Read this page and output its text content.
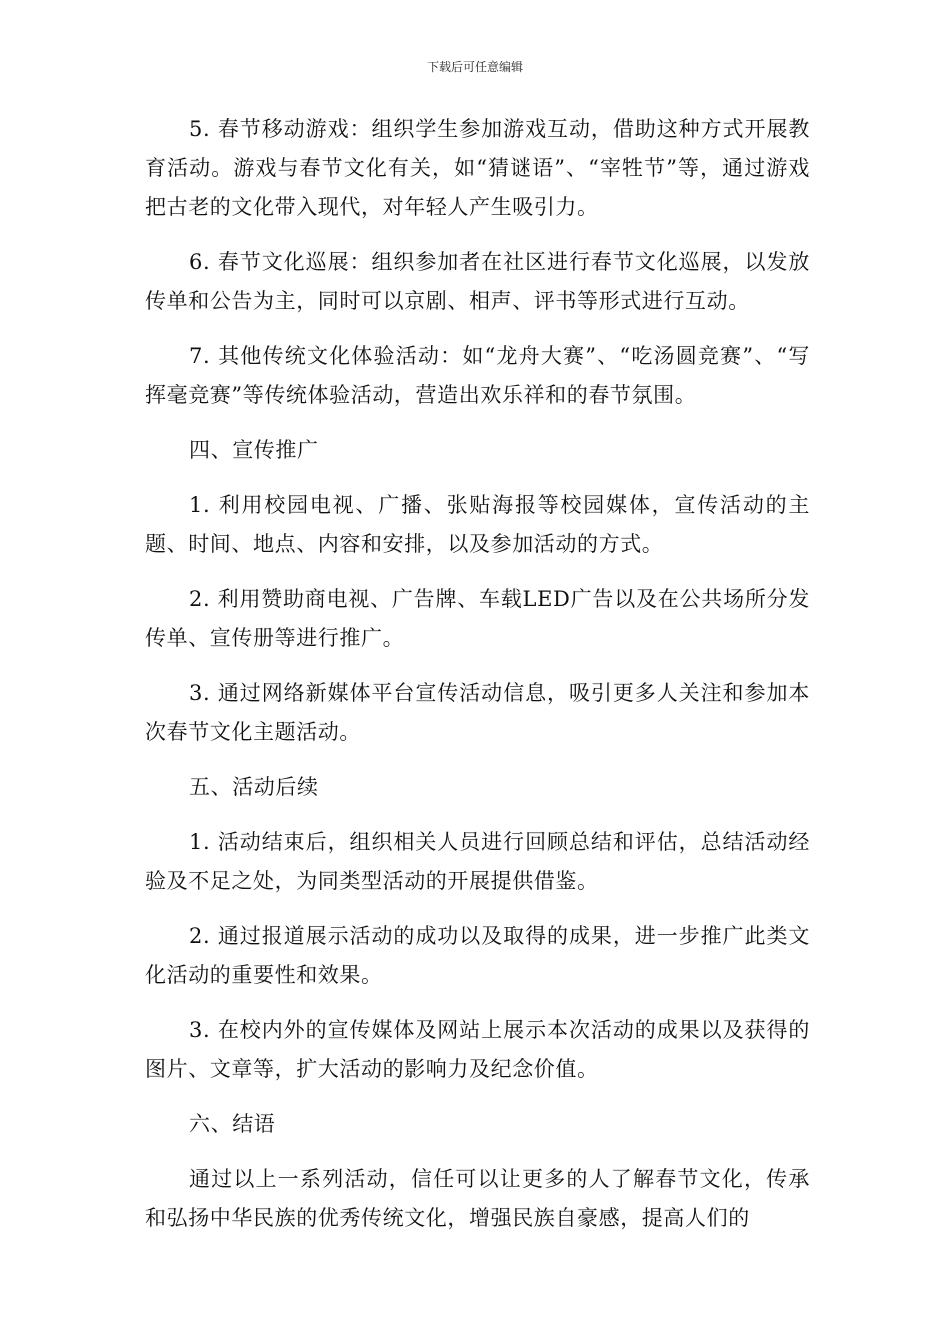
下载后可任意编辑

5. 春节移动游戏：组织学生参加游戏互动，借助这种方式开展教育活动。游戏与春节文化有关，如“猜谜语”、“宰牲节”等，通过游戏把古老的文化带入现代，对年轻人产生吸引力。

6. 春节文化巡展：组织参加者在社区进行春节文化巡展，以发放传单和公告为主，同时可以京剧、相声、评书等形式进行互动。

7. 其他传统文化体验活动：如“龙舟大赛”、“吃汤圆竞赛”、“写挥毫竞赛”等传统体验活动，营造出欢乐祥和的春节氛围。

四、宣传推广

1. 利用校园电视、广播、张贴海报等校园媒体，宣传活动的主题、时间、地点、内容和安排，以及参加活动的方式。

2. 利用赞助商电视、广告牌、车载LED广告以及在公共场所分发传单、宣传册等进行推广。

3. 通过网络新媒体平台宣传活动信息，吸引更多人关注和参加本次春节文化主题活动。

五、活动后续

1. 活动结束后，组织相关人员进行回顾总结和评估，总结活动经验及不足之处，为同类型活动的开展提供借鉴。

2. 通过报道展示活动的成功以及取得的成果，进一步推广此类文化活动的重要性和效果。

3. 在校内外的宣传媒体及网站上展示本次活动的成果以及获得的图片、文章等，扩大活动的影响力及纪念价值。

六、结语

通过以上一系列活动，信任可以让更多的人了解春节文化，传承和弘扬中华民族的优秀传统文化，增强民族自豪感，提高人们的
